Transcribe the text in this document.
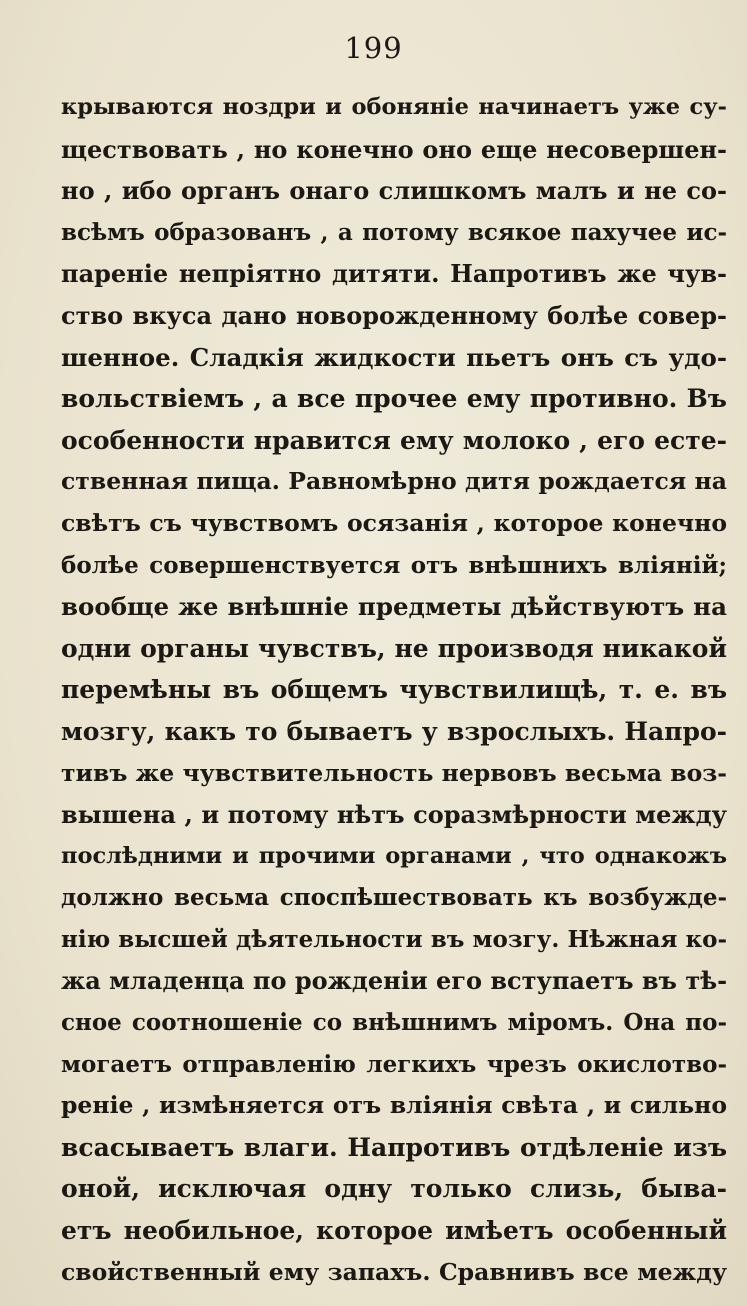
199
крываются ноздри и обоняніе начинаетъ уже су-
ществовать , но конечно оно еще несовершен-
но , ибо органъ онаго слишкомъ малъ и не со-
всѣмъ образованъ , а потому всякое пахучее ис-
пареніе непріятно дитяти. Напротивъ же чув-
ство вкуса дано новорожденному болѣе совер-
шенное. Сладкія жидкости пьетъ онъ съ удо-
вольствіемъ , а все прочее ему противно. Въ
особенности нравится ему молоко , его есте-
ственная пища. Равномѣрно дитя рождается на
свѣтъ съ чувствомъ осязанія , которое конечно
болѣе совершенствуется отъ внѣшнихъ вліяній;
вообще же внѣшніе предметы дѣйствуютъ на
одни органы чувствъ, не производя никакой
перемѣны въ общемъ чувствилищѣ, т. е. въ
мозгу, какъ то бываетъ у взрослыхъ. Напро-
тивъ же чувствительность нервовъ весьма воз-
вышена , и потому нѣтъ соразмѣрности между
послѣдними и прочими органами , что однакожъ
должно весьма споспѣшествовать къ возбужде-
нію высшей дѣятельности въ мозгу. Нѣжная ко-
жа младенца по рожденіи его вступаетъ въ тѣ-
сное соотношеніе со внѣшнимъ міромъ. Она по-
могаетъ отправленію легкихъ чрезъ окислотво-
реніе , измѣняется отъ вліянія свѣта , и сильно
всасываетъ влаги. Напротивъ отдѣленіе изъ
оной, исключая одну только слизь, быва-
етъ необильное, которое имѣетъ особенный
свойственный ему запахъ. Сравнивъ все между
